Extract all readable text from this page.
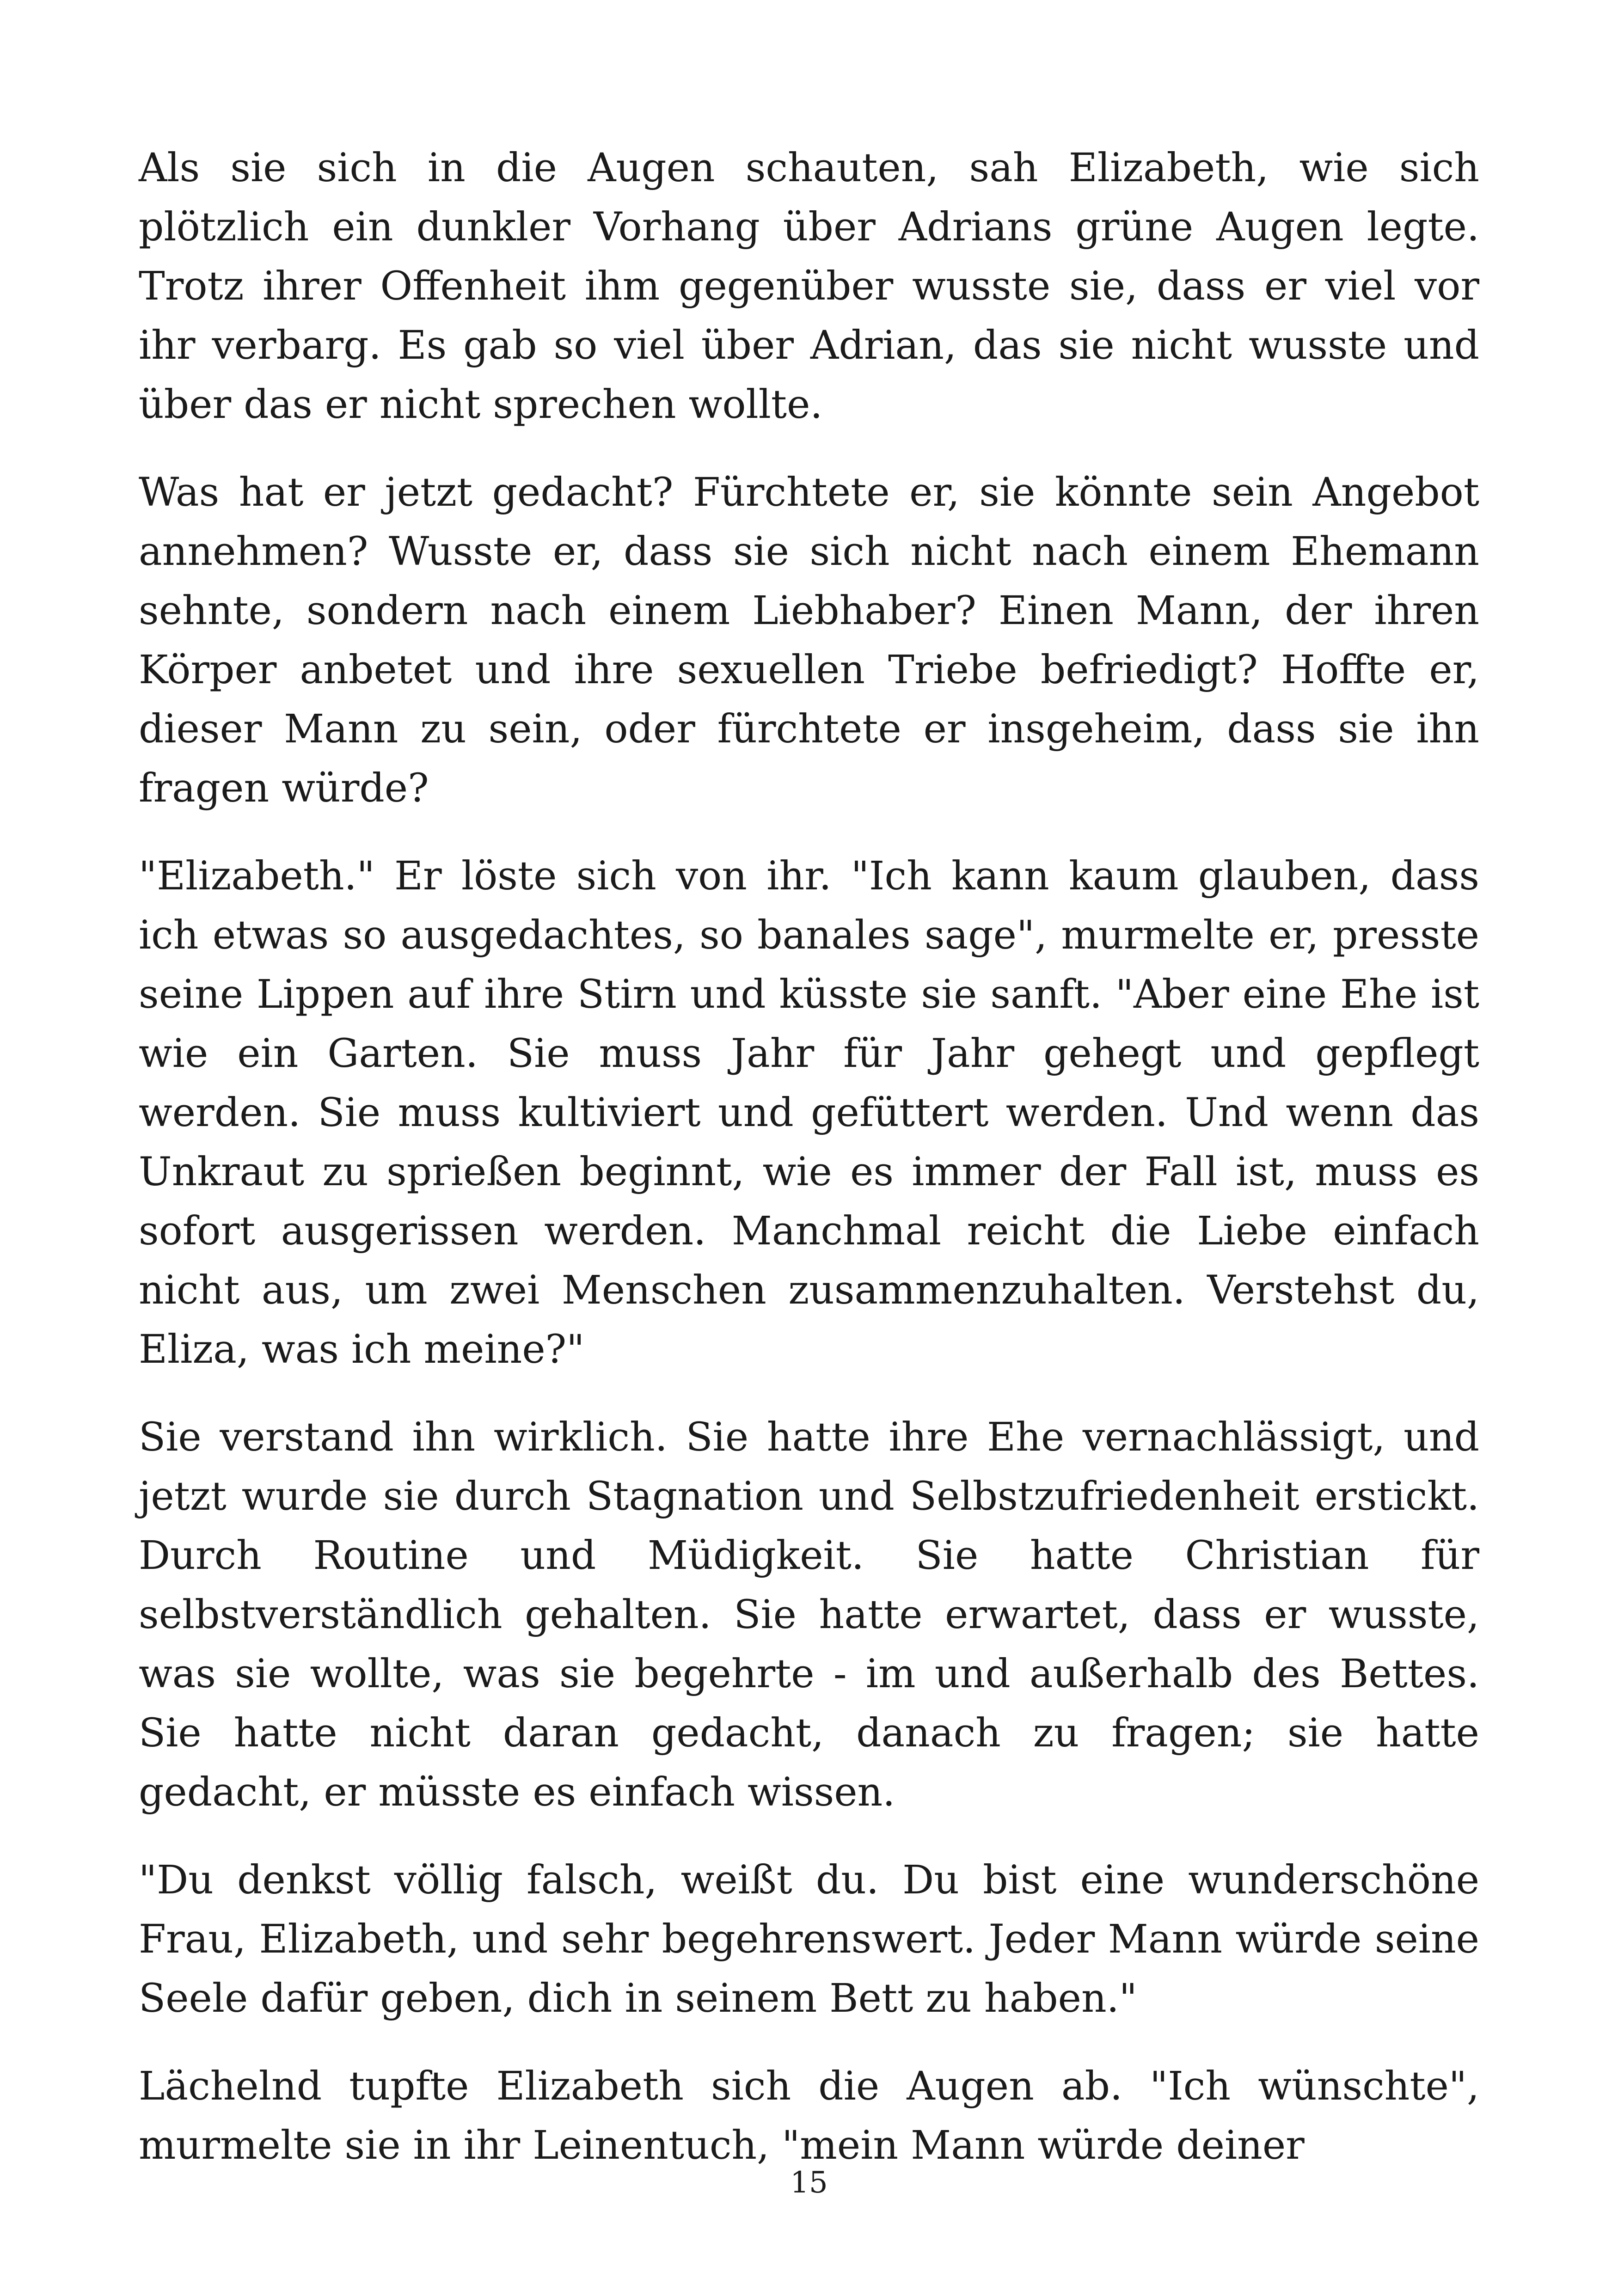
Als sie sich in die Augen schauten, sah Elizabeth, wie sich plötzlich ein dunkler Vorhang über Adrians grüne Augen legte. Trotz ihrer Offenheit ihm gegenüber wusste sie, dass er viel vor ihr verbarg. Es gab so viel über Adrian, das sie nicht wusste und über das er nicht sprechen wollte.

Was hat er jetzt gedacht? Fürchtete er, sie könnte sein Angebot annehmen? Wusste er, dass sie sich nicht nach einem Ehemann sehnte, sondern nach einem Liebhaber? Einen Mann, der ihren Körper anbetet und ihre sexuellen Triebe befriedigt? Hoffte er, dieser Mann zu sein, oder fürchtete er insgeheim, dass sie ihn fragen würde?

"Elizabeth." Er löste sich von ihr. "Ich kann kaum glauben, dass ich etwas so ausgedachtes, so banales sage", murmelte er, presste seine Lippen auf ihre Stirn und küsste sie sanft. "Aber eine Ehe ist wie ein Garten. Sie muss Jahr für Jahr gehegt und gepflegt werden. Sie muss kultiviert und gefüttert werden. Und wenn das Unkraut zu sprießen beginnt, wie es immer der Fall ist, muss es sofort ausgerissen werden. Manchmal reicht die Liebe einfach nicht aus, um zwei Menschen zusammenzuhalten. Verstehst du, Eliza, was ich meine?"

Sie verstand ihn wirklich. Sie hatte ihre Ehe vernachlässigt, und jetzt wurde sie durch Stagnation und Selbstzufriedenheit erstickt. Durch Routine und Müdigkeit. Sie hatte Christian für selbstverständlich gehalten. Sie hatte erwartet, dass er wusste, was sie wollte, was sie begehrte - im und außerhalb des Bettes. Sie hatte nicht daran gedacht, danach zu fragen; sie hatte gedacht, er müsste es einfach wissen.

"Du denkst völlig falsch, weißt du. Du bist eine wunderschöne Frau, Elizabeth, und sehr begehrenswert. Jeder Mann würde seine Seele dafür geben, dich in seinem Bett zu haben."

Lächelnd tupfte Elizabeth sich die Augen ab. "Ich wünschte", murmelte sie in ihr Leinentuch, "mein Mann würde deiner

15
